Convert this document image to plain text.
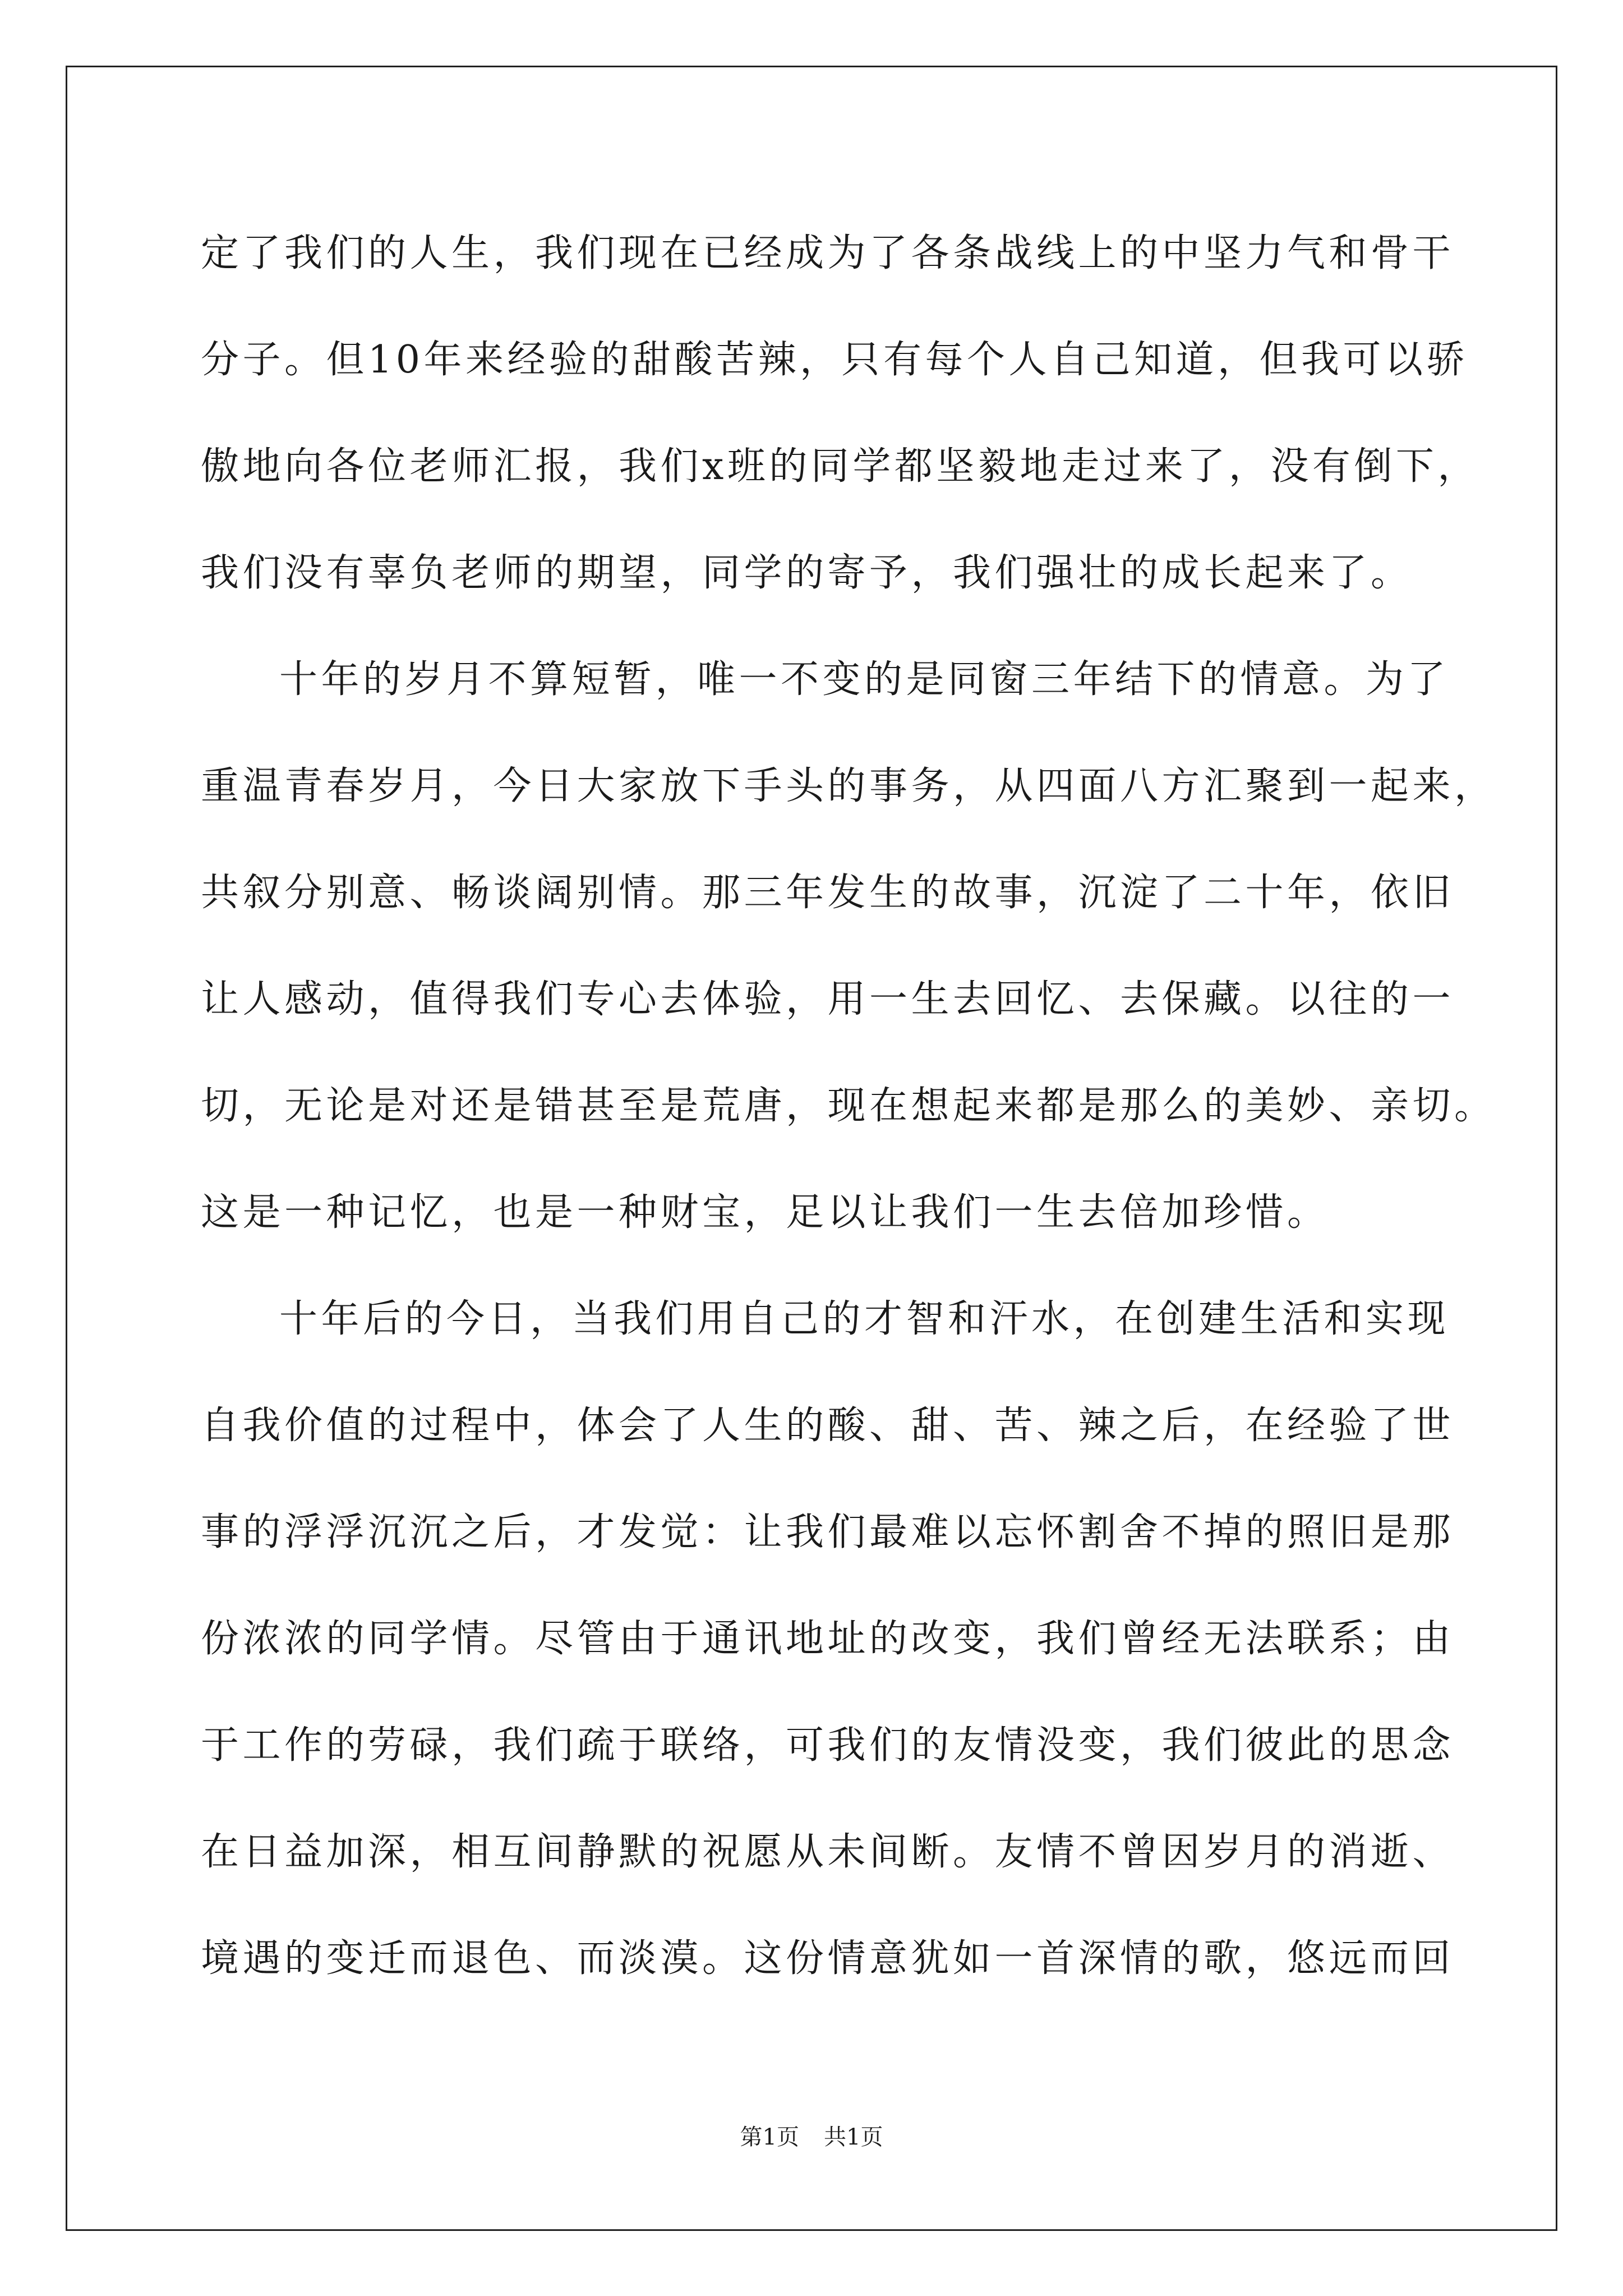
定了我们的人生，我们现在已经成为了各条战线上的中坚力气和骨干
分子。但10年来经验的甜酸苦辣，只有每个人自己知道，但我可以骄
傲地向各位老师汇报，我们x班的同学都坚毅地走过来了，没有倒下，
我们没有辜负老师的期望，同学的寄予，我们强壮的成长起来了。
十年的岁月不算短暂，唯一不变的是同窗三年结下的情意。为了
重温青春岁月，今日大家放下手头的事务，从四面八方汇聚到一起来，
共叙分别意、畅谈阔别情。那三年发生的故事，沉淀了二十年，依旧
让人感动，值得我们专心去体验，用一生去回忆、去保藏。以往的一
切，无论是对还是错甚至是荒唐，现在想起来都是那么的美妙、亲切。
这是一种记忆，也是一种财宝，足以让我们一生去倍加珍惜。
十年后的今日，当我们用自己的才智和汗水，在创建生活和实现
自我价值的过程中，体会了人生的酸、甜、苦、辣之后，在经验了世
事的浮浮沉沉之后，才发觉：让我们最难以忘怀割舍不掉的照旧是那
份浓浓的同学情。尽管由于通讯地址的改变，我们曾经无法联系；由
于工作的劳碌，我们疏于联络，可我们的友情没变，我们彼此的思念
在日益加深，相互间静默的祝愿从未间断。友情不曾因岁月的消逝、
境遇的变迁而退色、而淡漠。这份情意犹如一首深情的歌，悠远而回
第1页 共1页
